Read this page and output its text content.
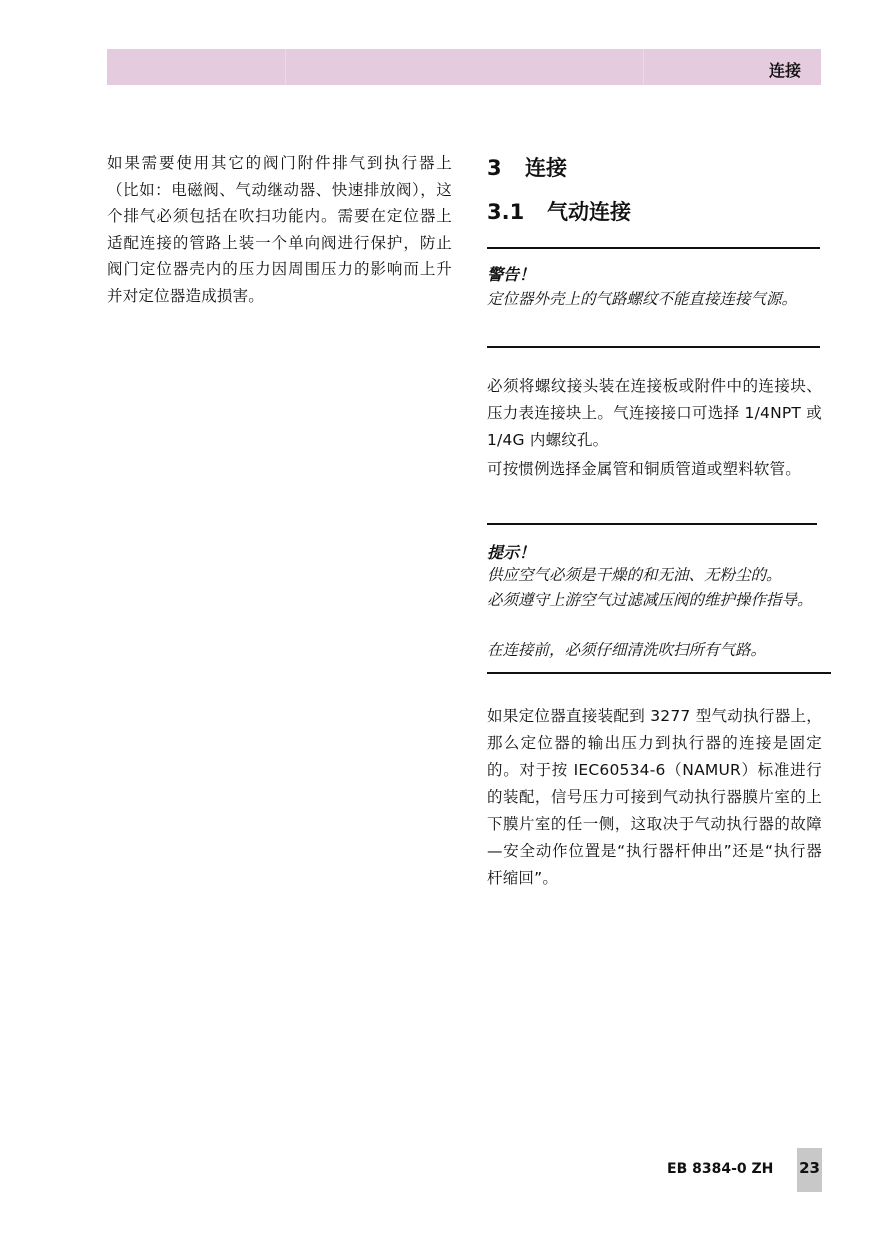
连接
如果需要使用其它的阀门附件排气到执行器上（比如：电磁阀、气动继动器、快速排放阀），这个排气必须包括在吹扫功能内。需要在定位器上适配连接的管路上装一个单向阀进行保护，防止阀门定位器壳内的压力因周围压力的影响而上升并对定位器造成损害。
3 连接
3.1 气动连接
警告！
定位器外壳上的气路螺纹不能直接连接气源。
必须将螺纹接头装在连接板或附件中的连接块、压力表连接块上。气连接接口可选择 1/4NPT 或 1/4G 内螺纹孔。
可按惯例选择金属管和铜质管道或塑料软管。
提示！
供应空气必须是干燥的和无油、无粉尘的。
必须遵守上游空气过滤减压阀的维护操作指导。
在连接前，必须仔细清洗吹扫所有气路。
如果定位器直接装配到 3277 型气动执行器上，那么定位器的输出压力到执行器的连接是固定的。对于按 IEC60534-6（NAMUR）标准进行的装配，信号压力可接到气动执行器膜片室的上下膜片室的任一侧，这取决于气动执行器的故障—安全动作位置是“执行器杆伸出”还是“执行器杆缩回”。
EB 8384-0 ZH 23
